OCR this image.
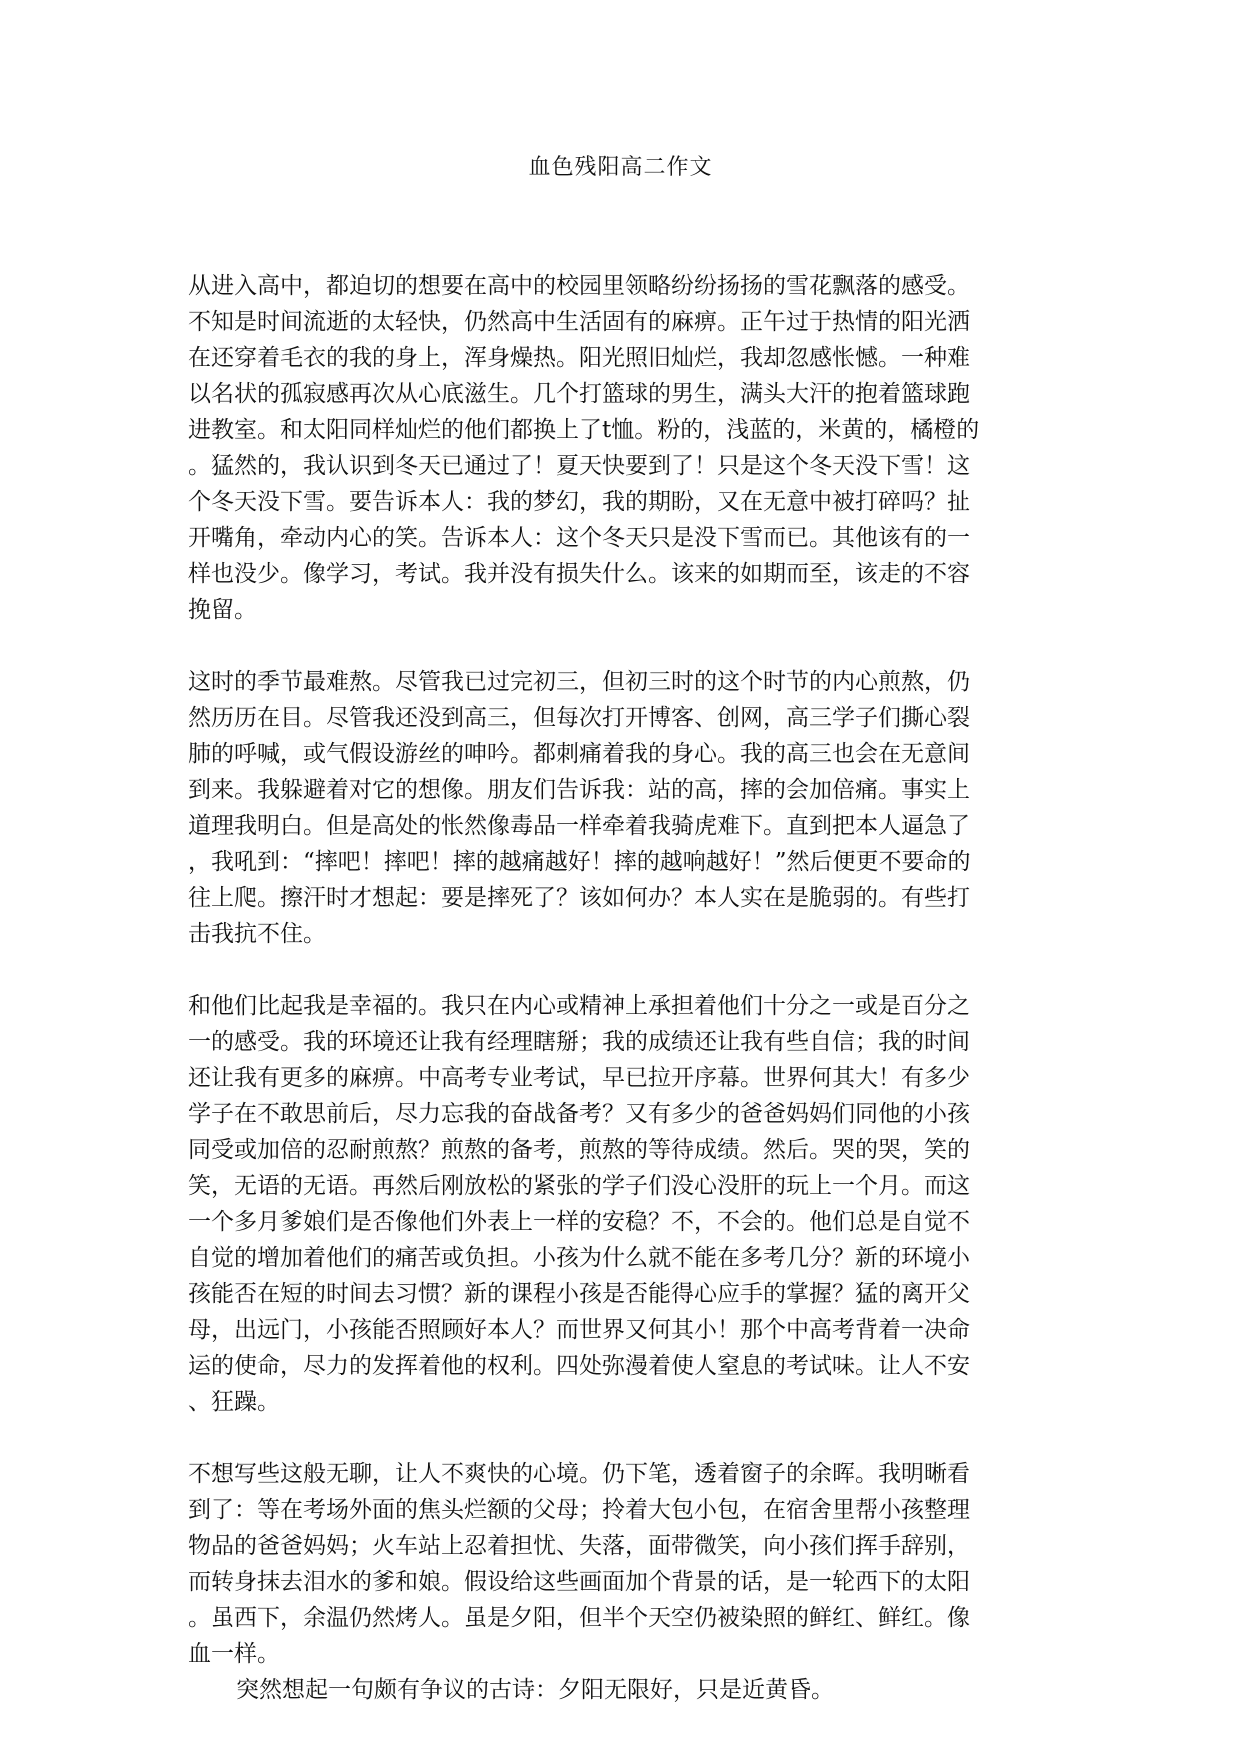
血色残阳高二作文
从进入高中，都迫切的想要在高中的校园里领略纷纷扬扬的雪花飘落的感受。
不知是时间流逝的太轻快，仍然高中生活固有的麻痹。正午过于热情的阳光洒
在还穿着毛衣的我的身上，浑身燥热。阳光照旧灿烂，我却忽感怅憾。一种难
以名状的孤寂感再次从心底滋生。几个打篮球的男生，满头大汗的抱着篮球跑
进教室。和太阳同样灿烂的他们都换上了t恤。粉的，浅蓝的，米黄的，橘橙的
。猛然的，我认识到冬天已通过了！夏天快要到了！只是这个冬天没下雪！这
个冬天没下雪。要告诉本人：我的梦幻，我的期盼，又在无意中被打碎吗？扯
开嘴角，牵动内心的笑。告诉本人：这个冬天只是没下雪而已。其他该有的一
样也没少。像学习，考试。我并没有损失什么。该来的如期而至，该走的不容
挽留。
这时的季节最难熬。尽管我已过完初三，但初三时的这个时节的内心煎熬，仍
然历历在目。尽管我还没到高三，但每次打开博客、创网，高三学子们撕心裂
肺的呼喊，或气假设游丝的呻吟。都刺痛着我的身心。我的高三也会在无意间
到来。我躲避着对它的想像。朋友们告诉我：站的高，摔的会加倍痛。事实上
道理我明白。但是高处的怅然像毒品一样牵着我骑虎难下。直到把本人逼急了
，我吼到：“摔吧！摔吧！摔的越痛越好！摔的越响越好！”然后便更不要命的
往上爬。擦汗时才想起：要是摔死了？该如何办？本人实在是脆弱的。有些打
击我抗不住。
和他们比起我是幸福的。我只在内心或精神上承担着他们十分之一或是百分之
一的感受。我的环境还让我有经理瞎掰；我的成绩还让我有些自信；我的时间
还让我有更多的麻痹。中高考专业考试，早已拉开序幕。世界何其大！有多少
学子在不敢思前后，尽力忘我的奋战备考？又有多少的爸爸妈妈们同他的小孩
同受或加倍的忍耐煎熬？煎熬的备考，煎熬的等待成绩。然后。哭的哭，笑的
笑，无语的无语。再然后刚放松的紧张的学子们没心没肝的玩上一个月。而这
一个多月爹娘们是否像他们外表上一样的安稳？不，不会的。他们总是自觉不
自觉的增加着他们的痛苦或负担。小孩为什么就不能在多考几分？新的环境小
孩能否在短的时间去习惯？新的课程小孩是否能得心应手的掌握？猛的离开父
母，出远门，小孩能否照顾好本人？而世界又何其小！那个中高考背着一决命
运的使命，尽力的发挥着他的权利。四处弥漫着使人窒息的考试味。让人不安
、狂躁。
不想写些这般无聊，让人不爽快的心境。仍下笔，透着窗子的余晖。我明晰看
到了：等在考场外面的焦头烂额的父母；拎着大包小包，在宿舍里帮小孩整理
物品的爸爸妈妈；火车站上忍着担忧、失落，面带微笑，向小孩们挥手辞别，
而转身抹去泪水的爹和娘。假设给这些画面加个背景的话，是一轮西下的太阳
。虽西下，余温仍然烤人。虽是夕阳，但半个天空仍被染照的鲜红、鲜红。像
血一样。
突然想起一句颇有争议的古诗：夕阳无限好，只是近黄昏。
